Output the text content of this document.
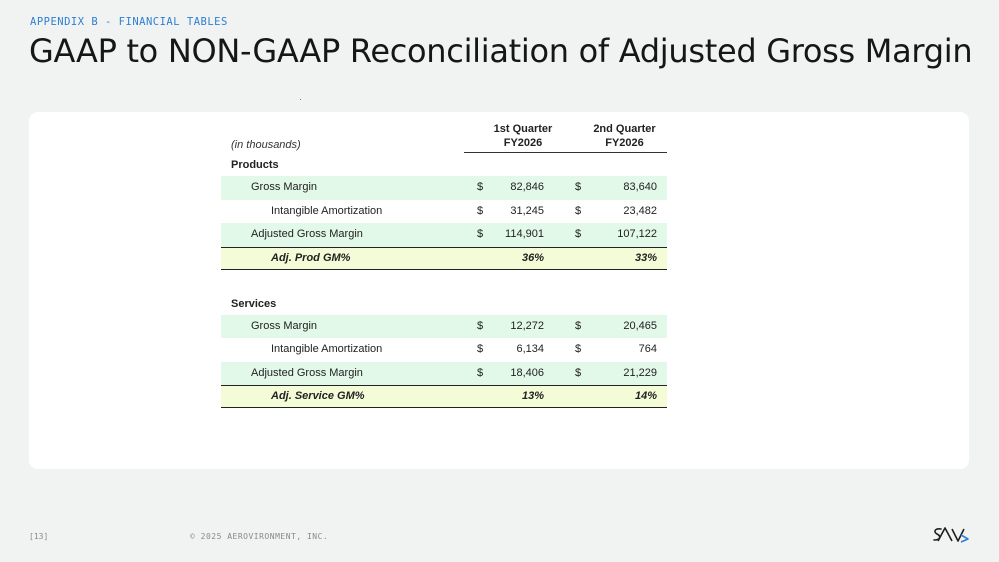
APPENDIX B - FINANCIAL TABLES
GAAP to NON-GAAP Reconciliation of Adjusted Gross Margin
(in thousands)
1st Quarter
FY2026
2nd Quarter
FY2026
Products
Gross Margin	$	82,846	$	83,640
Intangible Amortization	$	31,245	$	23,482
Adjusted Gross Margin	$	114,901	$	107,122
Adj. Prod GM%	36%	33%
Services
Gross Margin	$	12,272	$	20,465
Intangible Amortization	$	6,134	$	764
Adjusted Gross Margin	$	18,406	$	21,229
Adj. Service GM%	13%	14%
[13]	© 2025 AEROVIRONMENT, INC.
